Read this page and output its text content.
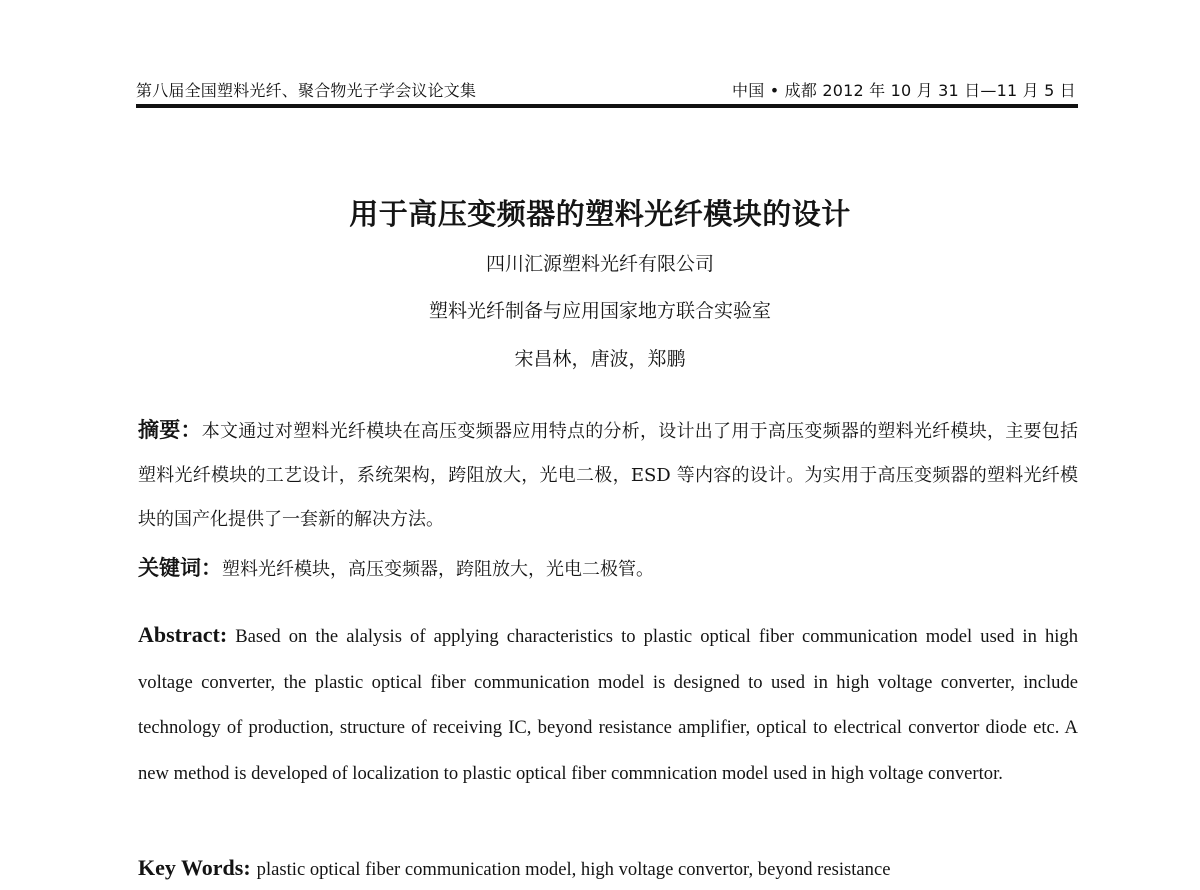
第八届全国塑料光纤、聚合物光子学会议论文集	中国 • 成都 2012 年 10 月 31 日—11 月 5 日
用于高压变频器的塑料光纤模块的设计
四川汇源塑料光纤有限公司
塑料光纤制备与应用国家地方联合实验室
宋昌林，唐波，郑鹏
摘要：本文通过对塑料光纤模块在高压变频器应用特点的分析，设计出了用于高压变频器的塑料光纤模块，主要包括塑料光纤模块的工艺设计，系统架构，跨阻放大，光电二极，ESD 等内容的设计。为实用于高压变频器的塑料光纤模块的国产化提供了一套新的解决方法。
关键词：塑料光纤模块，高压变频器，跨阻放大，光电二极管。
Abstract: Based on the alalysis of applying characteristics to plastic optical fiber communication model used in high voltage converter, the plastic optical fiber communication model is designed to used in high voltage converter, include technology of production, structure of receiving IC, beyond resistance amplifier, optical to electrical convertor diode etc. A new method is developed of localization to plastic optical fiber commnication model used in high voltage convertor.
Key Words: plastic optical fiber communication model, high voltage convertor, beyond resistance
